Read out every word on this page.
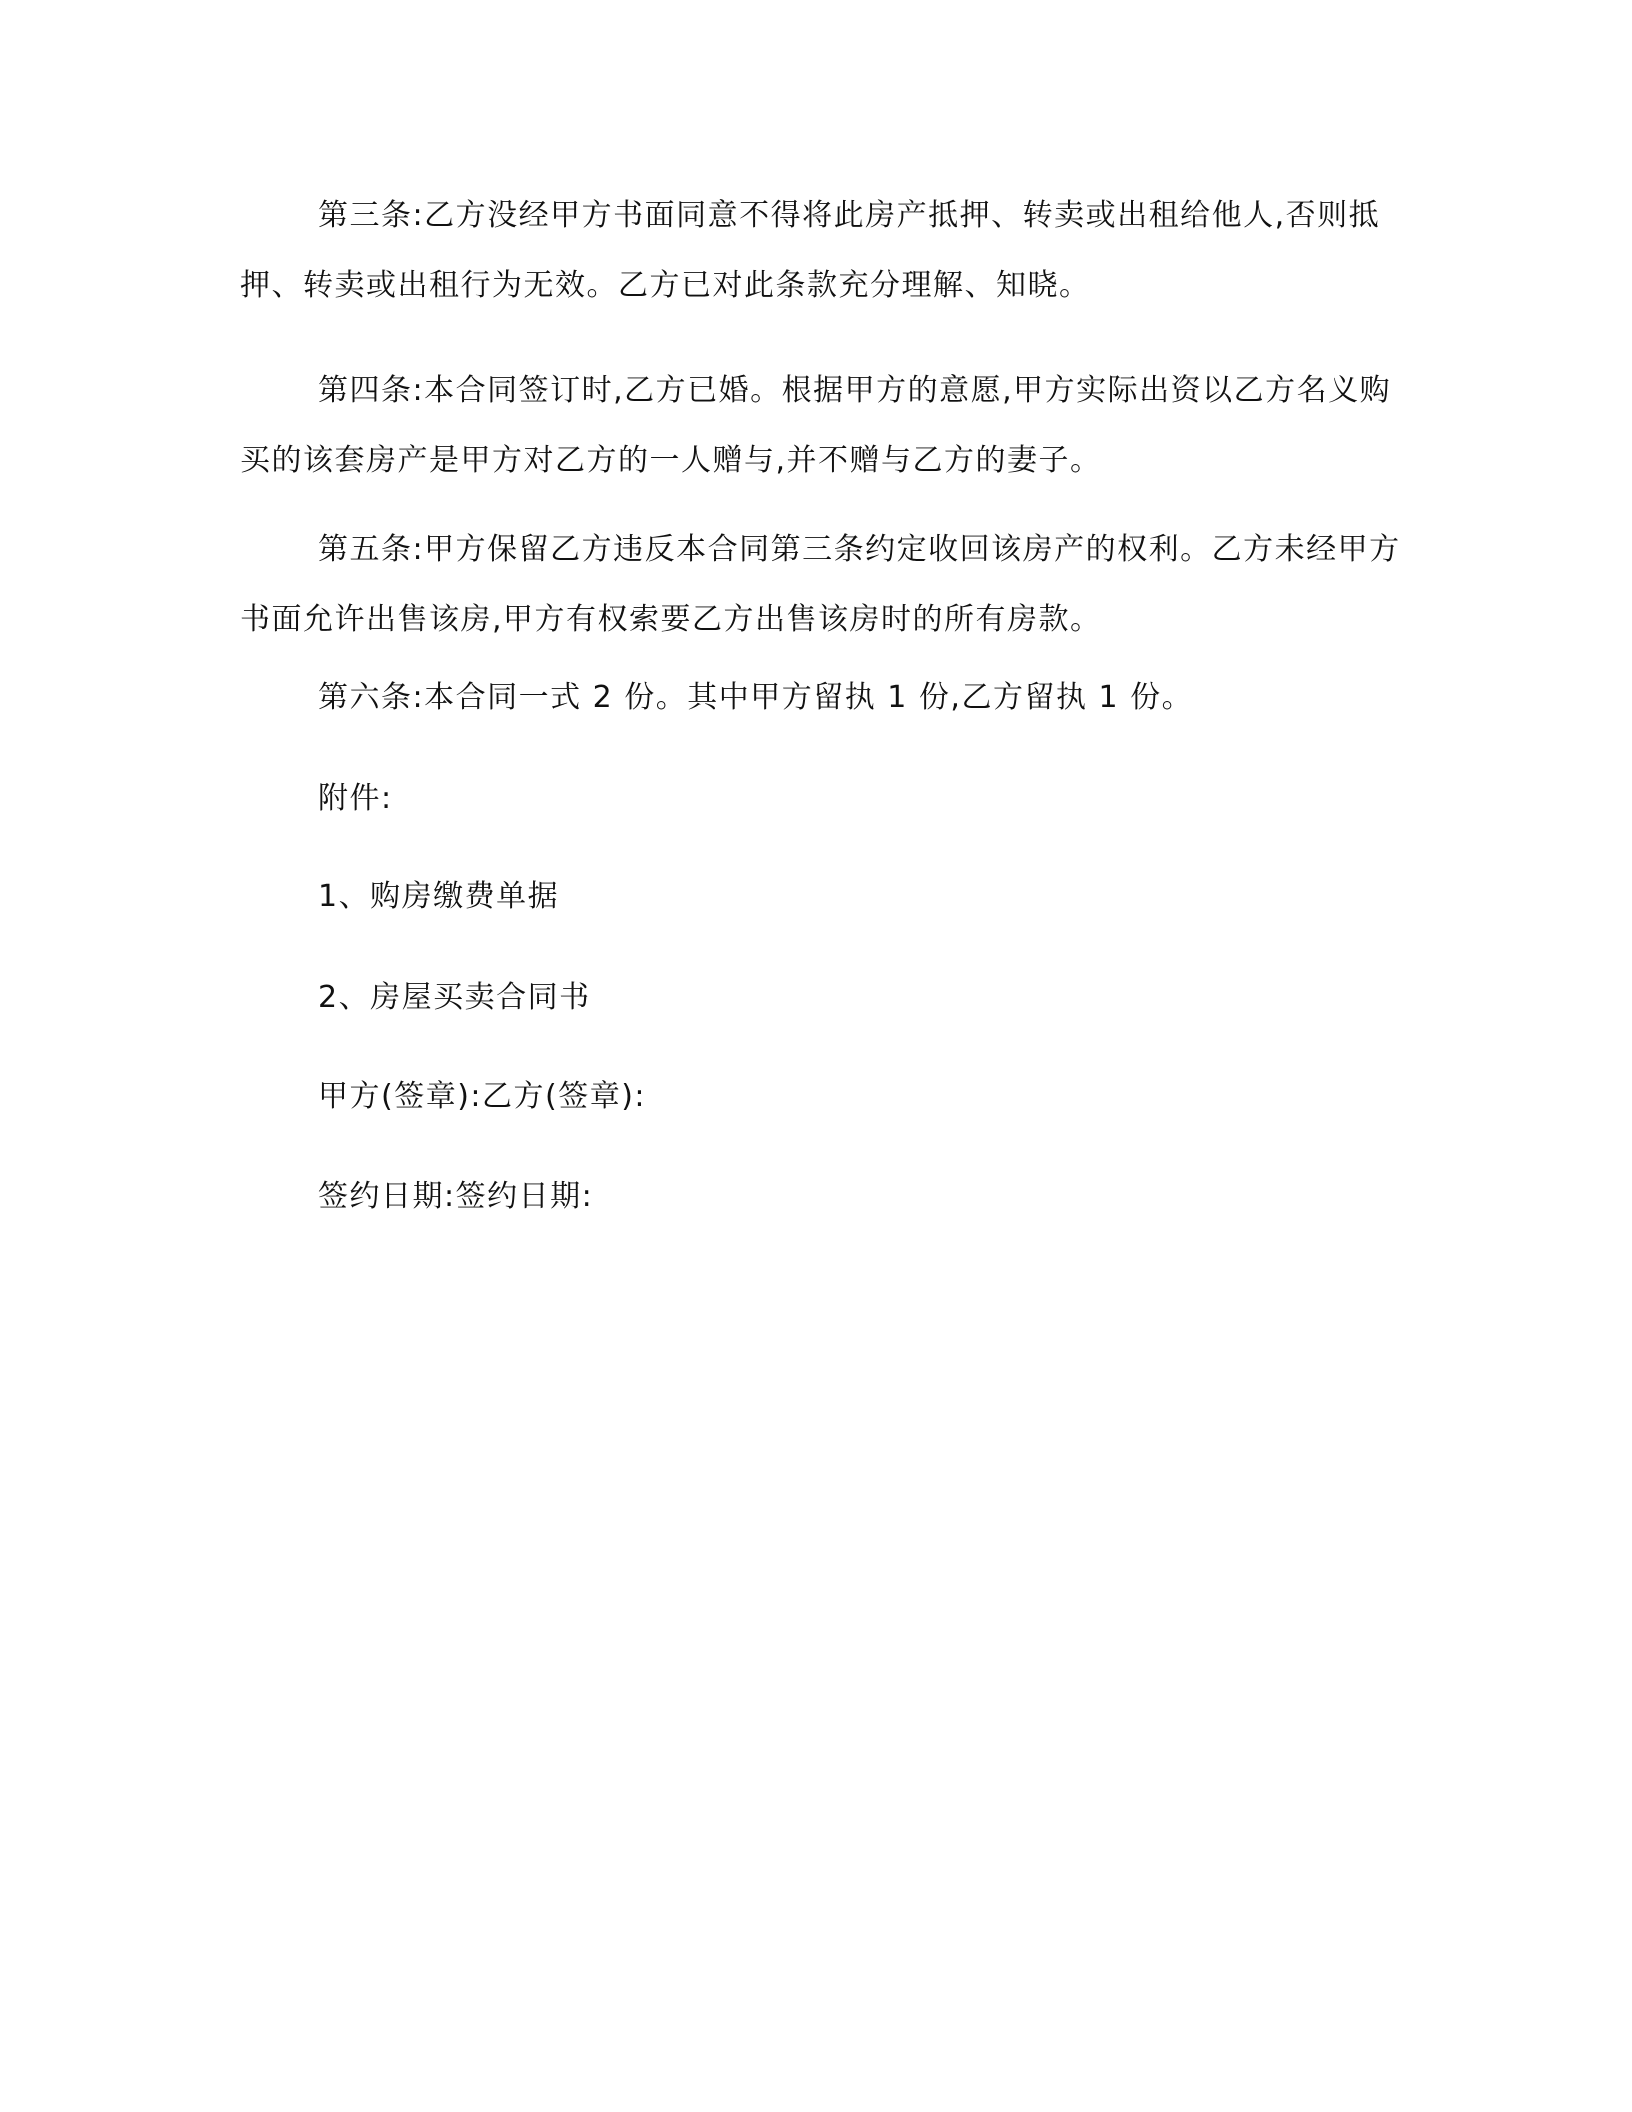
第三条:乙方没经甲方书面同意不得将此房产抵押、转卖或出租给他人,否则抵押、转卖或出租行为无效。乙方已对此条款充分理解、知晓。

第四条:本合同签订时,乙方已婚。根据甲方的意愿,甲方实际出资以乙方名义购买的该套房产是甲方对乙方的一人赠与,并不赠与乙方的妻子。

第五条:甲方保留乙方违反本合同第三条约定收回该房产的权利。乙方未经甲方书面允许出售该房,甲方有权索要乙方出售该房时的所有房款。

第六条:本合同一式 2 份。其中甲方留执 1 份,乙方留执 1 份。

附件:

1、购房缴费单据

2、房屋买卖合同书

甲方(签章):乙方(签章):

签约日期:签约日期:
